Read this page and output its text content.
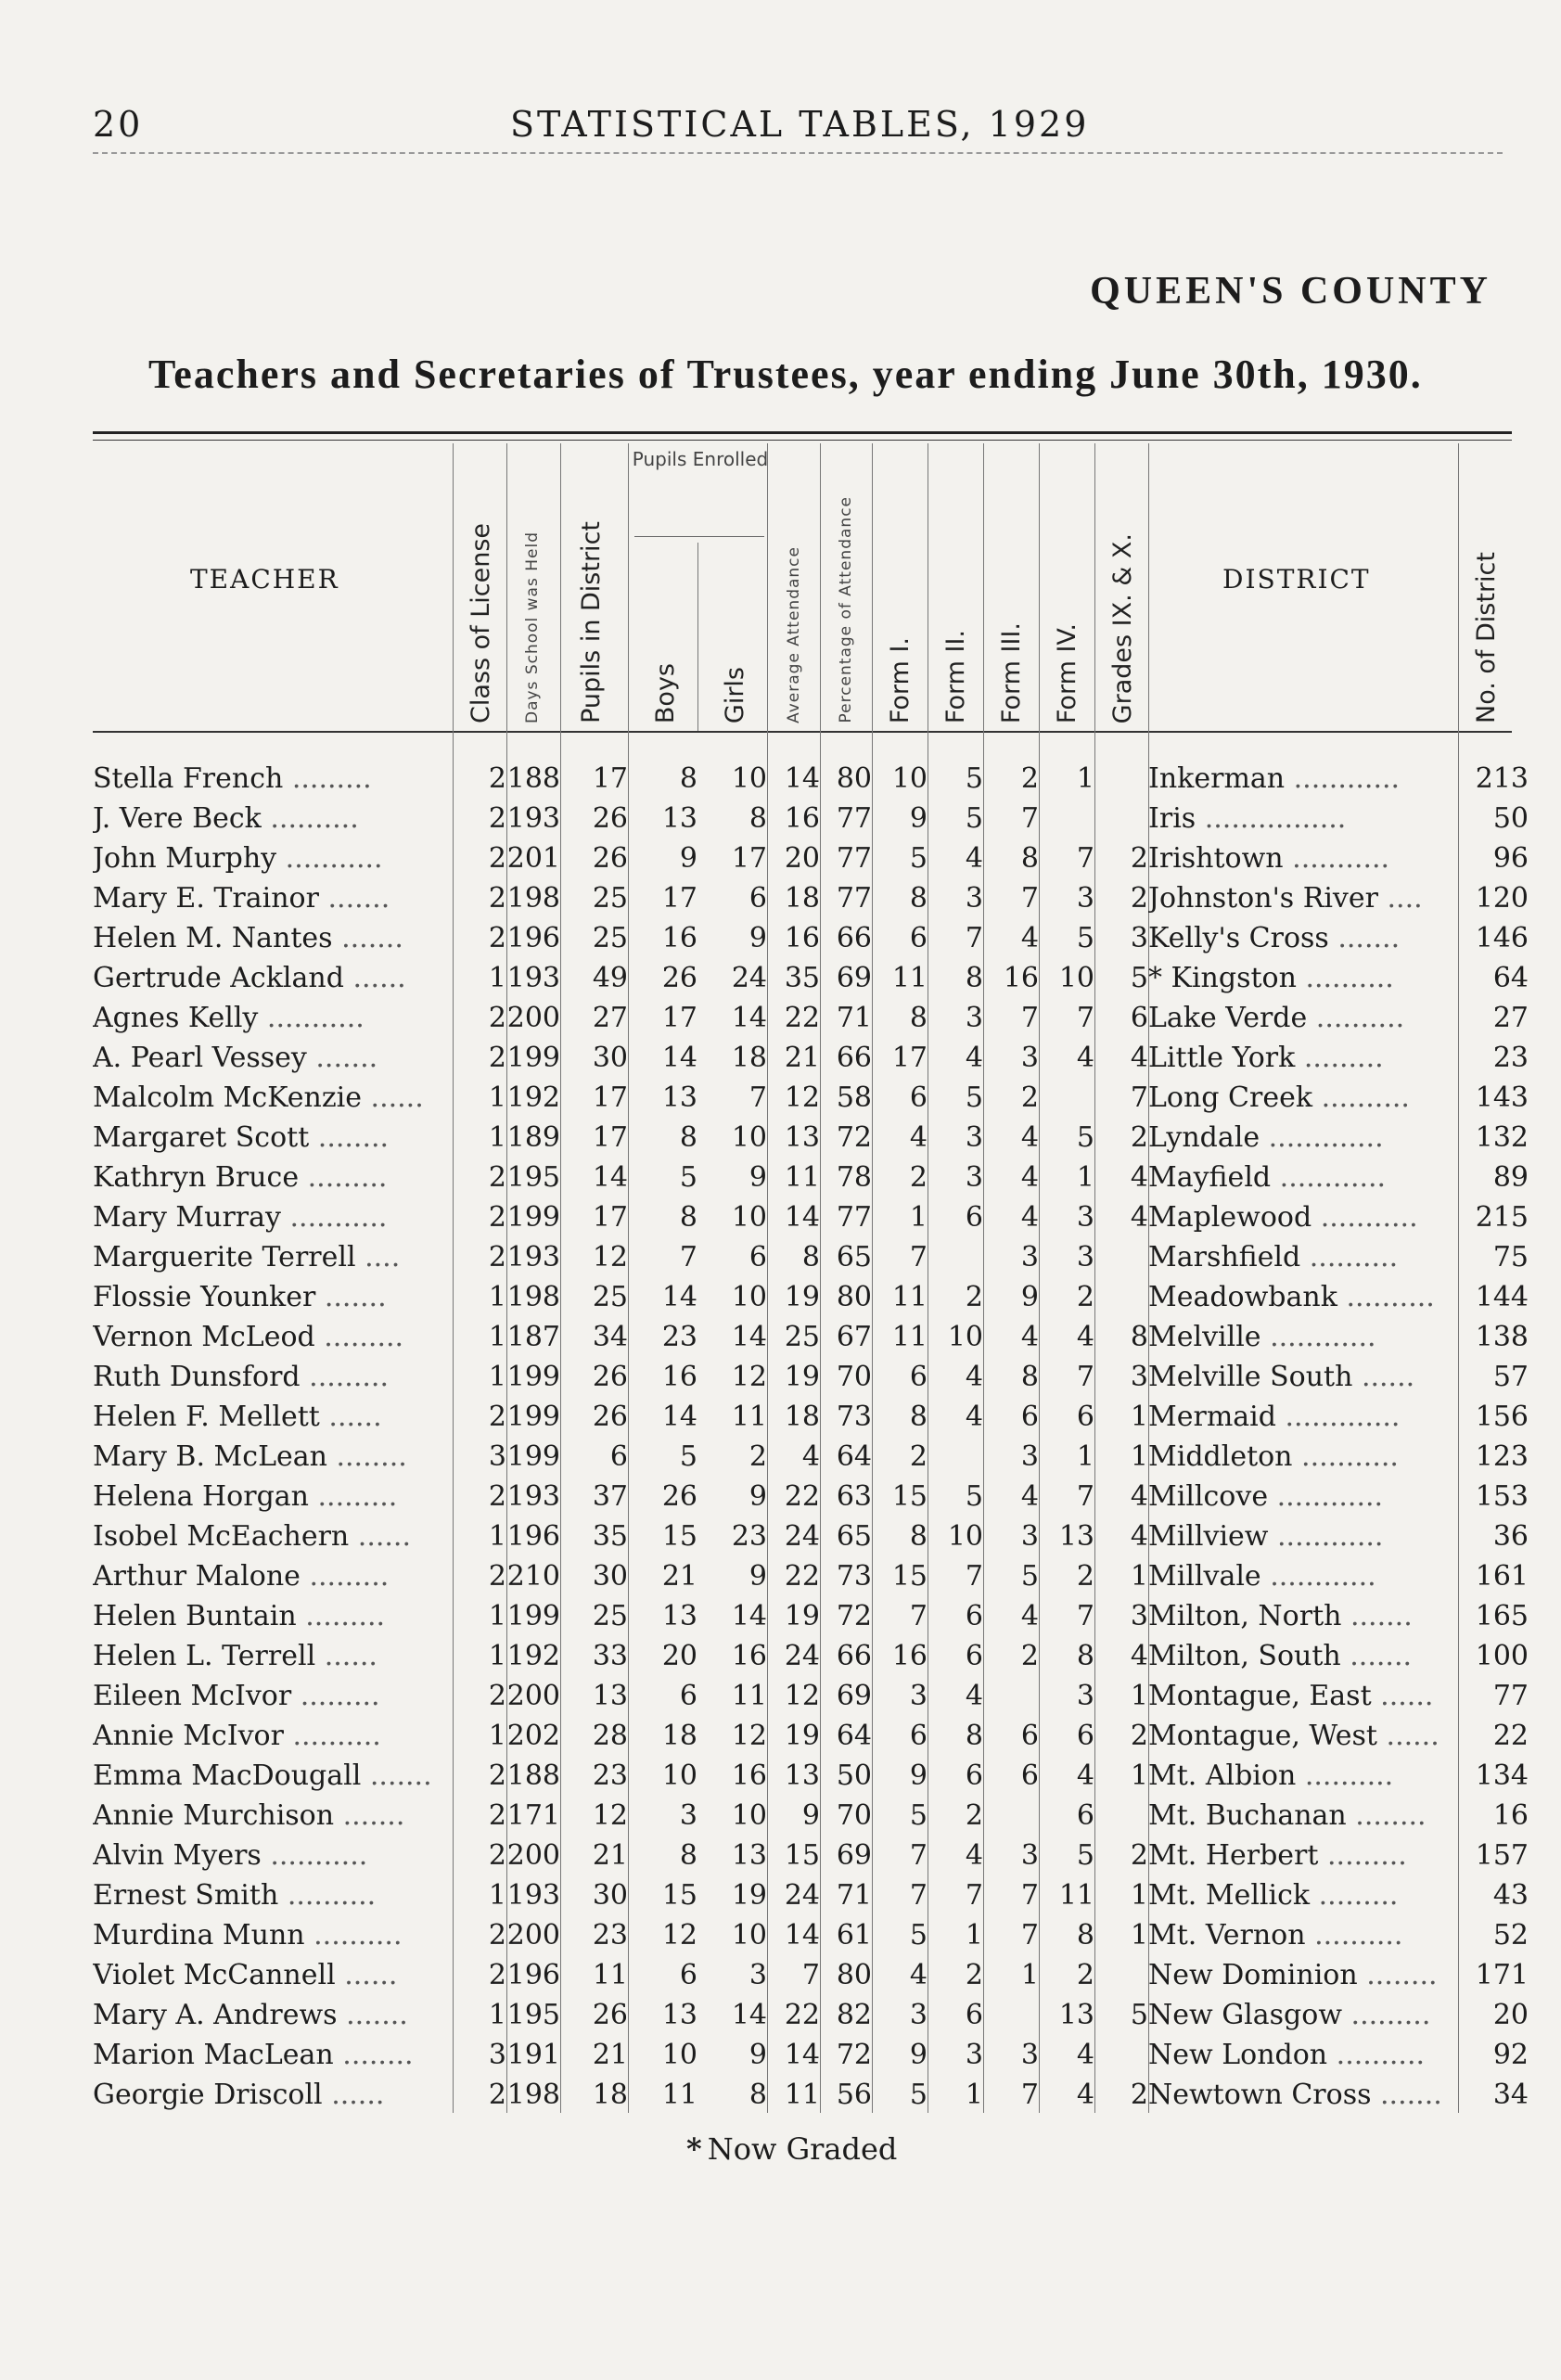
20	STATISTICAL TABLES, 1929
QUEEN'S COUNTY
Teachers and Secretaries of Trustees, year ending June 30th, 1930.
TEACHER	Class of License Days School was Held Pupils in District
Pupils Enrolled
Boys Girls Average Attendance Percentage of Attendance Form I. Form II. Form III. Form IV. Grades IX. & X.	DISTRICT	No. of District
Stella French .........	2	188	17	8	10	14	80	10	5	2	1		Inkerman ............	213
J. Vere Beck ..........	2	193	26	13	8	16	77	9	5	7			Iris ................	50
John Murphy ...........	2	201	26	9	17	20	77	5	4	8	7	2	Irishtown ...........	96
Mary E. Trainor .......	2	198	25	17	6	18	77	8	3	7	3	2	Johnston's River ....	120
Helen M. Nantes .......	2	196	25	16	9	16	66	6	7	4	5	3	Kelly's Cross .......	146
Gertrude Ackland ......	1	193	49	26	24	35	69	11	8	16	10	5	* Kingston ..........	64
Agnes Kelly ...........	2	200	27	17	14	22	71	8	3	7	7	6	Lake Verde ..........	27
A. Pearl Vessey .......	2	199	30	14	18	21	66	17	4	3	4	4	Little York .........	23
Malcolm McKenzie ......	1	192	17	13	7	12	58	6	5	2		7	Long Creek ..........	143
Margaret Scott ........	1	189	17	8	10	13	72	4	3	4	5	2	Lyndale .............	132
Kathryn Bruce .........	2	195	14	5	9	11	78	2	3	4	1	4	Mayfield ............	89
Mary Murray ...........	2	199	17	8	10	14	77	1	6	4	3	4	Maplewood ...........	215
Marguerite Terrell ....	2	193	12	7	6	8	65	7		3	3		Marshfield ..........	75
Flossie Younker .......	1	198	25	14	10	19	80	11	2	9	2		Meadowbank ..........	144
Vernon McLeod .........	1	187	34	23	14	25	67	11	10	4	4	8	Melville ............	138
Ruth Dunsford .........	1	199	26	16	12	19	70	6	4	8	7	3	Melville South ......	57
Helen F. Mellett ......	2	199	26	14	11	18	73	8	4	6	6	1	Mermaid .............	156
Mary B. McLean ........	3	199	6	5	2	4	64	2		3	1	1	Middleton ...........	123
Helena Horgan .........	2	193	37	26	9	22	63	15	5	4	7	4	Millcove ............	153
Isobel McEachern ......	1	196	35	15	23	24	65	8	10	3	13	4	Millview ............	36
Arthur Malone .........	2	210	30	21	9	22	73	15	7	5	2	1	Millvale ............	161
Helen Buntain .........	1	199	25	13	14	19	72	7	6	4	7	3	Milton, North .......	165
Helen L. Terrell ......	1	192	33	20	16	24	66	16	6	2	8	4	Milton, South .......	100
Eileen McIvor .........	2	200	13	6	11	12	69	3	4		3	1	Montague, East ......	77
Annie McIvor ..........	1	202	28	18	12	19	64	6	8	6	6	2	Montague, West ......	22
Emma MacDougall .......	2	188	23	10	16	13	50	9	6	6	4	1	Mt. Albion ..........	134
Annie Murchison .......	2	171	12	3	10	9	70	5	2		6		Mt. Buchanan ........	16
Alvin Myers ...........	2	200	21	8	13	15	69	7	4	3	5	2	Mt. Herbert .........	157
Ernest Smith ..........	1	193	30	15	19	24	71	7	7	7	11	1	Mt. Mellick .........	43
Murdina Munn ..........	2	200	23	12	10	14	61	5	1	7	8	1	Mt. Vernon ..........	52
Violet McCannell ......	2	196	11	6	3	7	80	4	2	1	2		New Dominion ........	171
Mary A. Andrews .......	1	195	26	13	14	22	82	3	6		13	5	New Glasgow .........	20
Marion MacLean ........	3	191	21	10	9	14	72	9	3	3	4		New London ..........	92
Georgie Driscoll ......	2	198	18	11	8	11	56	5	1	7	4	2	Newtown Cross .......	34
* Now Graded
